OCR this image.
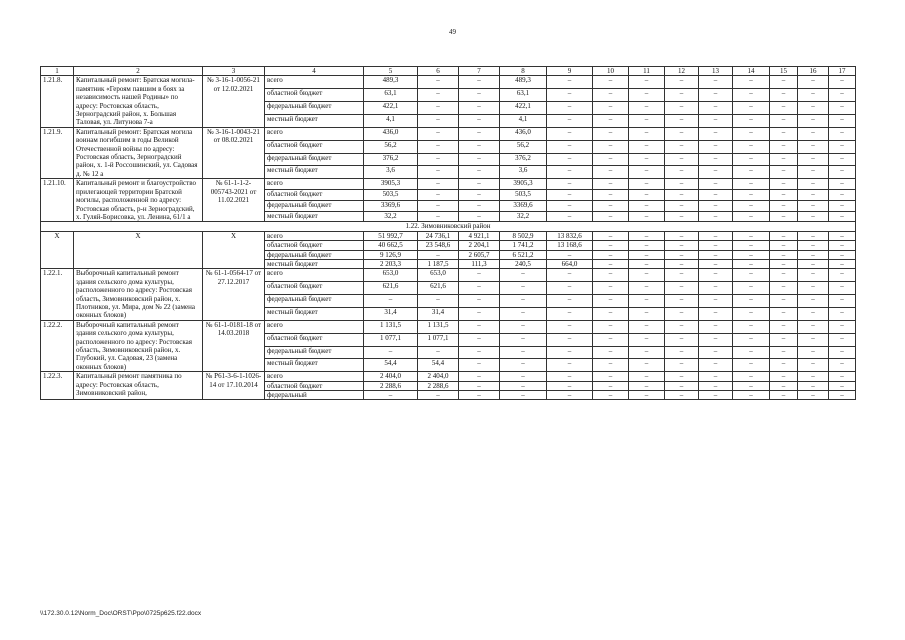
49
1	2	3	4	5	6	7	8	9	10	11	12	13	14	15	16	17
1.21.8.	Капитальный ремонт: Братская могила-памятник «Героям павшим в боях за независимость нашей Родины» по адресу: Ростовская область, Зерноградский район, х. Большая Таловая, ул. Литунова 7-а	№ 3-16-1-0056-21 от 12.02.2021	всего	489,3	–	–	489,3	–	–	–	–	–	–	–	–	–
			областной бюджет	63,1	–	–	63,1	–	–	–	–	–	–	–	–	–
			федеральный бюджет	422,1	–	–	422,1	–	–	–	–	–	–	–	–	–
			местный бюджет	4,1	–	–	4,1	–	–	–	–	–	–	–	–	–
1.21.9.	Капитальный ремонт: Братская могила воинам погибшим в годы Великой Отечественной войны по адресу: Ростовская область, Зерноградский район, х. 1-й Россошинский, ул. Садовая д. № 12 а	№ 3-16-1-0043-21 от 08.02.2021	всего	436,0	–	–	436,0	–	–	–	–	–	–	–	–	–
			областной бюджет	56,2	–	–	56,2	–	–	–	–	–	–	–	–	–
			федеральный бюджет	376,2	–	–	376,2	–	–	–	–	–	–	–	–	–
			местный бюджет	3,6	–	–	3,6	–	–	–	–	–	–	–	–	–
1.21.10.	Капитальный ремонт и благоустройство прилегающей территории Братской могилы, расположенной по адресу: Ростовская область, р-н Зерноградский, х. Гуляй-Борисовка, ул. Ленина, 61/1 а	№ 61-1-1-2-005743-2021 от 11.02.2021	всего	3905,3	–	–	3905,3	–	–	–	–	–	–	–	–	–
			областной бюджет	503,5	–	–	503,5	–	–	–	–	–	–	–	–	–
			федеральный бюджет	3369,6	–	–	3369,6	–	–	–	–	–	–	–	–	–
			местный бюджет	32,2	–	–	32,2	–	–	–	–	–	–	–	–	–
1.22. Зимовниковский район																
X	X	X	всего	51 992,7	24 736,1	4 921,1	8 502,9	13 832,6	–	–	–	–	–	–	–	–
			областной бюджет	40 662,5	23 548,6	2 204,1	1 741,2	13 168,6	–	–	–	–	–	–	–	–
			федеральный бюджет	9 126,9	–	2 605,7	6 521,2	–	–	–	–	–	–	–	–	–
			местный бюджет	2 203,3	1 187,5	111,3	240,5	664,0	–	–	–	–	–	–	–	–
1.22.1.	Выборочный капитальный ремонт здания сельского дома культуры, расположенного по адресу: Ростовская область, Зимовниковский район, х. Плотников, ул. Мира, дом № 22 (замена оконных блоков)	№ 61-1-0564-17 от 27.12.2017	всего	653,0	653,0	–	–	–	–	–	–	–	–	–	–	–
			областной бюджет	621,6	621,6	–	–	–	–	–	–	–	–	–	–	–
			федеральный бюджет	–	–	–	–	–	–	–	–	–	–	–	–	–
			местный бюджет	31,4	31,4	–	–	–	–	–	–	–	–	–	–	–
1.22.2.	Выборочный капитальный ремонт здания сельского дома культуры, расположенного по адресу: Ростовская область, Зимовниковский район, х. Глубокий, ул. Садовая, 23 (замена оконных блоков)	№ 61-1-0181-18 от 14.03.2018	всего	1 131,5	1 131,5	–	–	–	–	–	–	–	–	–	–	–
			областной бюджет	1 077,1	1 077,1	–	–	–	–	–	–	–	–	–	–	–
			федеральный бюджет	–	–	–	–	–	–	–	–	–	–	–	–	–
			местный бюджет	54,4	54,4	–	–	–	–	–	–	–	–	–	–	–
1.22.3.	Капитальный ремонт памятника по адресу: Ростовская область, Зимовниковский район,	№ Р61-3-6-1-1026-14 от 17.10.2014	всего	2 404,0	2 404,0	–	–	–	–	–	–	–	–	–	–	–
			областной бюджет	2 288,6	2 288,6	–	–	–	–	–	–	–	–	–	–	–
			федеральный	–	–	–	–	–	–	–	–	–	–	–	–	–
\\172.30.0.12\Norm_Doc\ORST\Ppo\0725p625.f22.docx
